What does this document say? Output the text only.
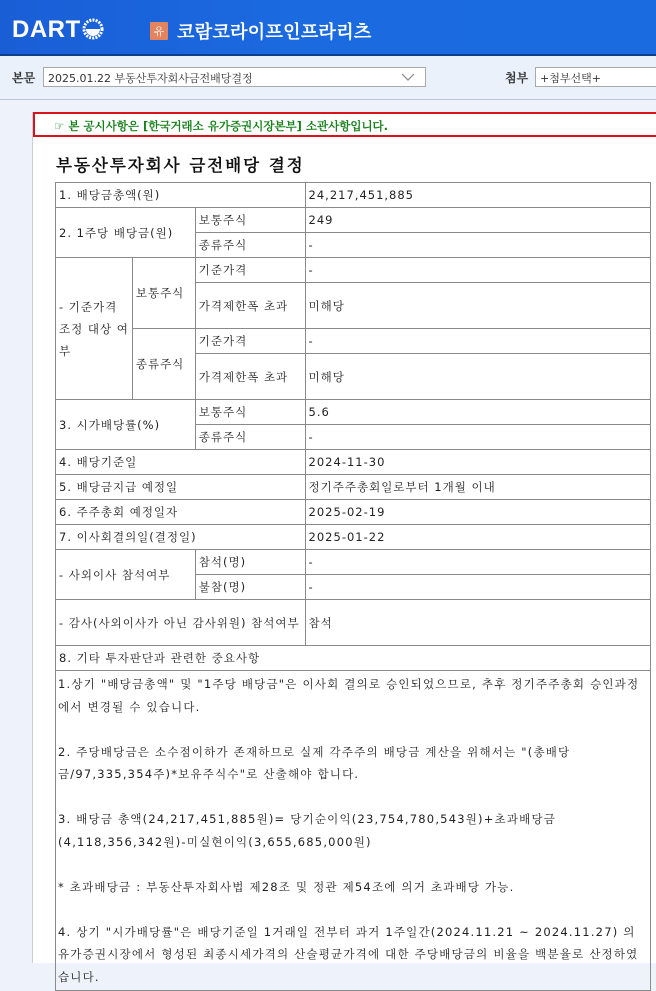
DART	유 코람코라이프인프라리츠
본문	2025.01.22 부동산투자회사금전배당결정	첨부	+첨부선택+
☞ 본 공시사항은 [한국거래소 유가증권시장본부] 소관사항입니다.
부동산투자회사 금전배당 결정
1. 배당금총액(원)			24,217,451,885
2. 1주당 배당금(원)		보통주식	249
		종류주식	-
- 기준가격 조정 대상 여부	보통주식	기준가격	-
		가격제한폭 초과	미해당
	종류주식	기준가격	-
		가격제한폭 초과	미해당
3. 시가배당률(%)		보통주식	5.6
		종류주식	-
4. 배당기준일			2024-11-30
5. 배당금지급 예정일			정기주주총회일로부터 1개월 이내
6. 주주총회 예정일자			2025-02-19
7. 이사회결의일(결정일)			2025-01-22
- 사외이사 참석여부		참석(명)	-
		불참(명)	-
- 감사(사외이사가 아닌 감사위원) 참석여부			참석
8. 기타 투자판단과 관련한 중요사항			

1.상기 "배당금총액" 및 "1주당 배당금"은 이사회 결의로 승인되었으므로, 추후 정기주주총회 승인과정에서 변경될 수 있습니다.
2. 주당배당금은 소수점이하가 존재하므로 실제 각주주의 배당금 계산을 위해서는 "(총배당금/97,335,354주)*보유주식수"로 산출해야 합니다.
3. 배당금 총액(24,217,451,885원)= 당기순이익(23,754,780,543원)+초과배당금(4,118,356,342원)-미실현이익(3,655,685,000원)
* 초과배당금 : 부동산투자회사법 제28조 및 정관 제54조에 의거 초과배당 가능.
4. 상기 "시가배당률"은 배당기준일 1거래일 전부터 과거 1주일간(2024.11.21 ~ 2024.11.27) 의 유가증권시장에서 형성된 최종시세가격의 산술평균가격에 대한 주당배당금의 비율을 백분율로 산정하였습니다.			
